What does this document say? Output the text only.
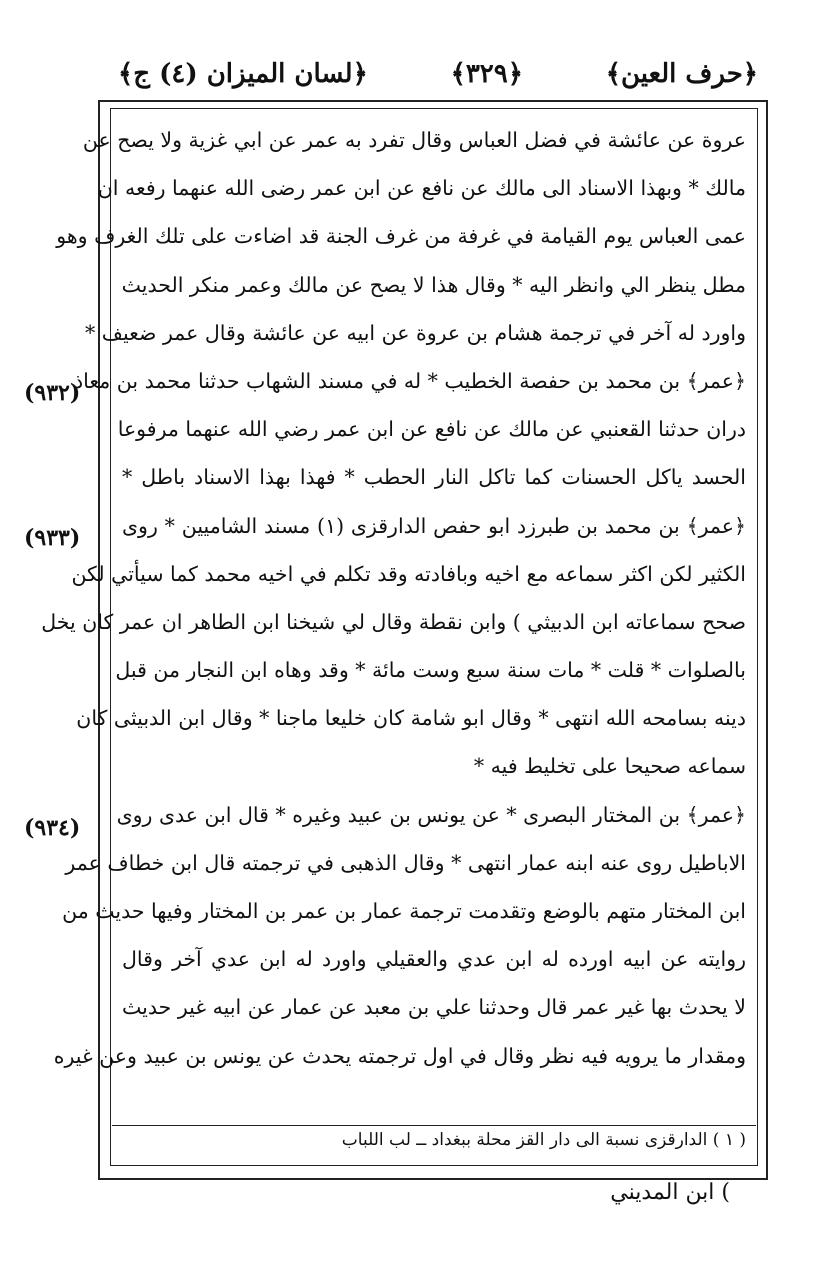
﴿حرف العين﴾
﴿٣٢٩﴾
﴿لسان الميزان (٤) ج﴾
عروة عن عائشة في فضل العباس وقال تفرد به عمر عن ابي غزية ولا يصح عن
مالك * وبهذا الاسناد الى مالك عن نافع عن ابن عمر رضى الله عنهما رفعه ان
عمى العباس يوم القيامة في غرفة من غرف الجنة قد اضاءت على تلك الغرف وهو
مطل ينظر الي وانظر اليه * وقال هذا لا يصح عن مالك وعمر منكر الحديث
واورد له آخر في ترجمة هشام بن عروة عن ابيه عن عائشة وقال عمر ضعيف *
﴿عمر﴾ بن محمد بن حفصة الخطيب * له في مسند الشهاب حدثنا محمد بن معاذ
دران حدثنا القعنبي عن مالك عن نافع عن ابن عمر رضي الله عنهما مرفوعا
الحسد ياكل الحسنات كما تاكل النار الحطب * فهذا بهذا الاسناد باطل *
﴿عمر﴾ بن محمد بن طبرزد ابو حفص الدارقزى (١) مسند الشاميين * روى
الكثير لكن اكثر سماعه مع اخيه وبافادته وقد تكلم في اخيه محمد كما سيأتي لكن
صحح سماعاته ابن الدبيثي ) وابن نقطة وقال لي شيخنا ابن الطاهر ان عمر كان يخل
بالصلوات * قلت * مات سنة سبع وست مائة * وقد وهاه ابن النجار من قبل
دينه بسامحه الله انتهى * وقال ابو شامة كان خليعا ماجنا * وقال ابن الدبيثى كان
سماعه صحيحا على تخليط فيه *
﴿عمر﴾ بن المختار البصرى * عن يونس بن عبيد وغيره * قال ابن عدى روى
الاباطيل روى عنه ابنه عمار انتهى * وقال الذهبى في ترجمته قال ابن خطاف عمر
ابن المختار متهم بالوضع وتقدمت ترجمة عمار بن عمر بن المختار وفيها حديث من
روايته عن ابيه اورده له ابن عدي والعقيلي واورد له ابن عدي آخر وقال
لا يحدث بها غير عمر قال وحدثنا علي بن معبد عن عمار عن ابيه غير حديث
ومقدار ما يرويه فيه نظر وقال في اول ترجمته يحدث عن يونس بن عبيد وعن غيره
(٩٣٢)
(٩٣٣)
(٩٣٤)
( ١ ) الدارقزى نسبة الى دار القز محلة ببغداد ــ لب اللباب
) ابن المديني
